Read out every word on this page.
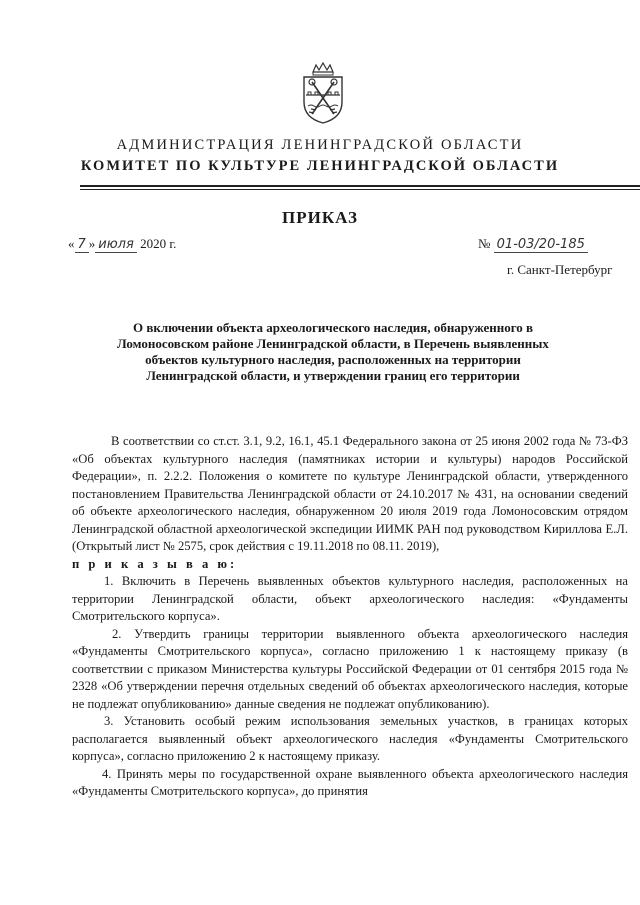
АДМИНИСТРАЦИЯ ЛЕНИНГРАДСКОЙ ОБЛАСТИ
КОМИТЕТ ПО КУЛЬТУРЕ ЛЕНИНГРАДСКОЙ ОБЛАСТИ
ПРИКАЗ
« 7 » июля 2020 г.	№ 01-03/20-185
г. Санкт-Петербург
О включении объекта археологического наследия, обнаруженного в
Ломоносовском районе Ленинградской области, в Перечень выявленных
объектов культурного наследия, расположенных на территории
Ленинградской области, и утверждении границ его территории

В соответствии со ст.ст. 3.1, 9.2, 16.1, 45.1 Федерального закона от 25 июня 2002 года № 73-ФЗ «Об объектах культурного наследия (памятниках истории и культуры) народов Российской Федерации», п. 2.2.2. Положения о комитете по культуре Ленинградской области, утвержденного постановлением Правительства Ленинградской области от 24.10.2017 № 431, на основании сведений об объекте археологического наследия, обнаруженном 20 июля 2019 года Ломоносовским отрядом Ленинградской областной археологической экспедиции ИИМК РАН под руководством Кириллова Е.Л. (Открытый лист № 2575, срок действия с 19.11.2018 по 08.11. 2019),

п р и к а з ы в а ю:

1. Включить в Перечень выявленных объектов культурного наследия, расположенных на территории Ленинградской области, объект археологического наследия: «Фундаменты Смотрительского корпуса».

2. Утвердить границы территории выявленного объекта археологического наследия «Фундаменты Смотрительского корпуса», согласно приложению 1 к настоящему приказу (в соответствии с приказом Министерства культуры Российской Федерации от 01 сентября 2015 года № 2328 «Об утверждении перечня отдельных сведений об объектах археологического наследия, которые не подлежат опубликованию» данные сведения не подлежат опубликованию).

3. Установить особый режим использования земельных участков, в границах которых располагается выявленный объект археологического наследия «Фундаменты Смотрительского корпуса», согласно приложению 2 к настоящему приказу.

4. Принять меры по государственной охране выявленного объекта археологического наследия «Фундаменты Смотрительского корпуса», до принятия
